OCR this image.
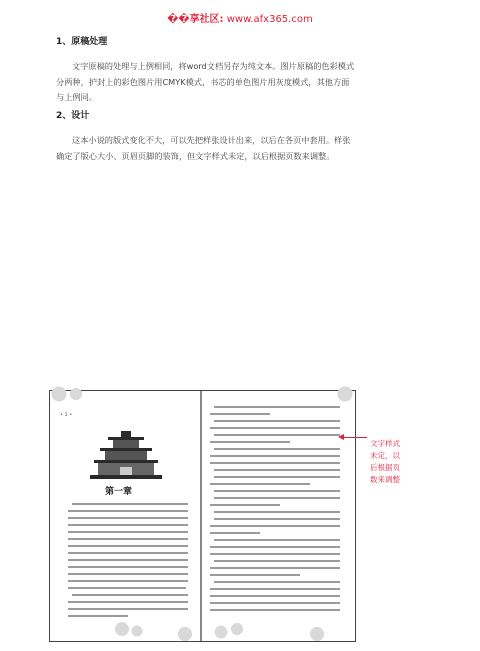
��享社区: www.afx365.com
1、原稿处理

文字原稿的处理与上例相同，将word文档另存为纯文本。图片原稿的色彩模式分两种，护封上的彩色图片用CMYK模式，书芯的单色图片用灰度模式，其他方面与上例同。

2、设计

这本小说的版式变化不大，可以先把样张设计出来，以后在各页中套用。样张确定了版心大小、页眉页脚的装饰，但文字样式未定，以后根据页数来调整。

• 1 •
第一章
文字样式
未定，以
后根据页
数来调整
